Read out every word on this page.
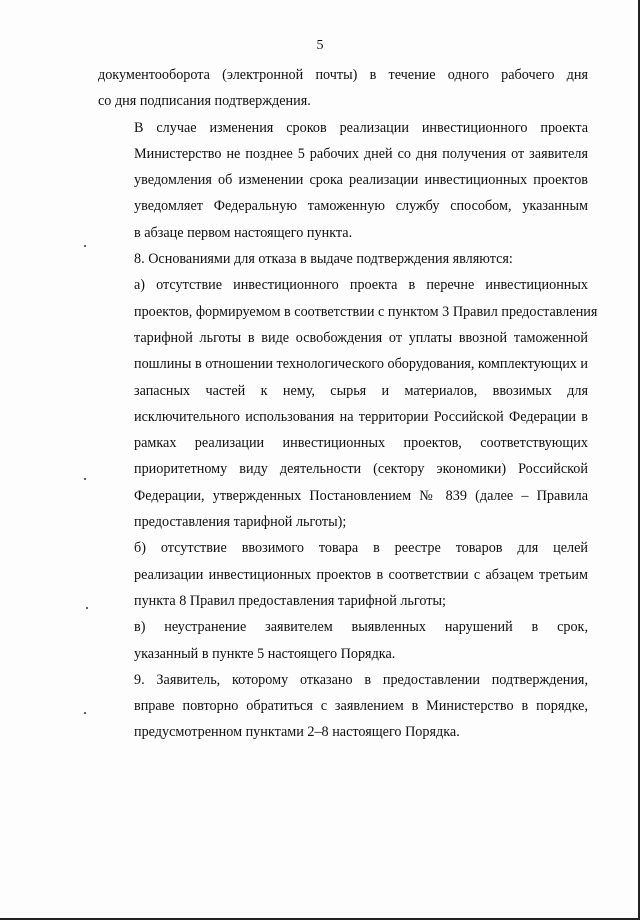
5

документооборота (электронной почты) в течение одного рабочего дня
со дня подписания подтверждения.

В случае изменения сроков реализации инвестиционного проекта
Министерство не позднее 5 рабочих дней со дня получения от заявителя
уведомления об изменении срока реализации инвестиционных проектов
уведомляет Федеральную таможенную службу способом, указанным
в абзаце первом настоящего пункта.

8. Основаниями для отказа в выдаче подтверждения являются:

а) отсутствие инвестиционного проекта в перечне инвестиционных
проектов, формируемом в соответствии с пунктом 3 Правил предоставления
тарифной льготы в виде освобождения от уплаты ввозной таможенной
пошлины в отношении технологического оборудования, комплектующих и
запасных частей к нему, сырья и материалов, ввозимых для
исключительного использования на территории Российской Федерации в
рамках реализации инвестиционных проектов, соответствующих
приоритетному виду деятельности (сектору экономики) Российской
Федерации, утвержденных Постановлением № 839 (далее – Правила
предоставления тарифной льготы);

б) отсутствие ввозимого товара в реестре товаров для целей
реализации инвестиционных проектов в соответствии с абзацем третьим
пункта 8 Правил предоставления тарифной льготы;

в) неустранение заявителем выявленных нарушений в срок,
указанный в пункте 5 настоящего Порядка.

9. Заявитель, которому отказано в предоставлении подтверждения,
вправе повторно обратиться с заявлением в Министерство в порядке,
предусмотренном пунктами 2–8 настоящего Порядка.
